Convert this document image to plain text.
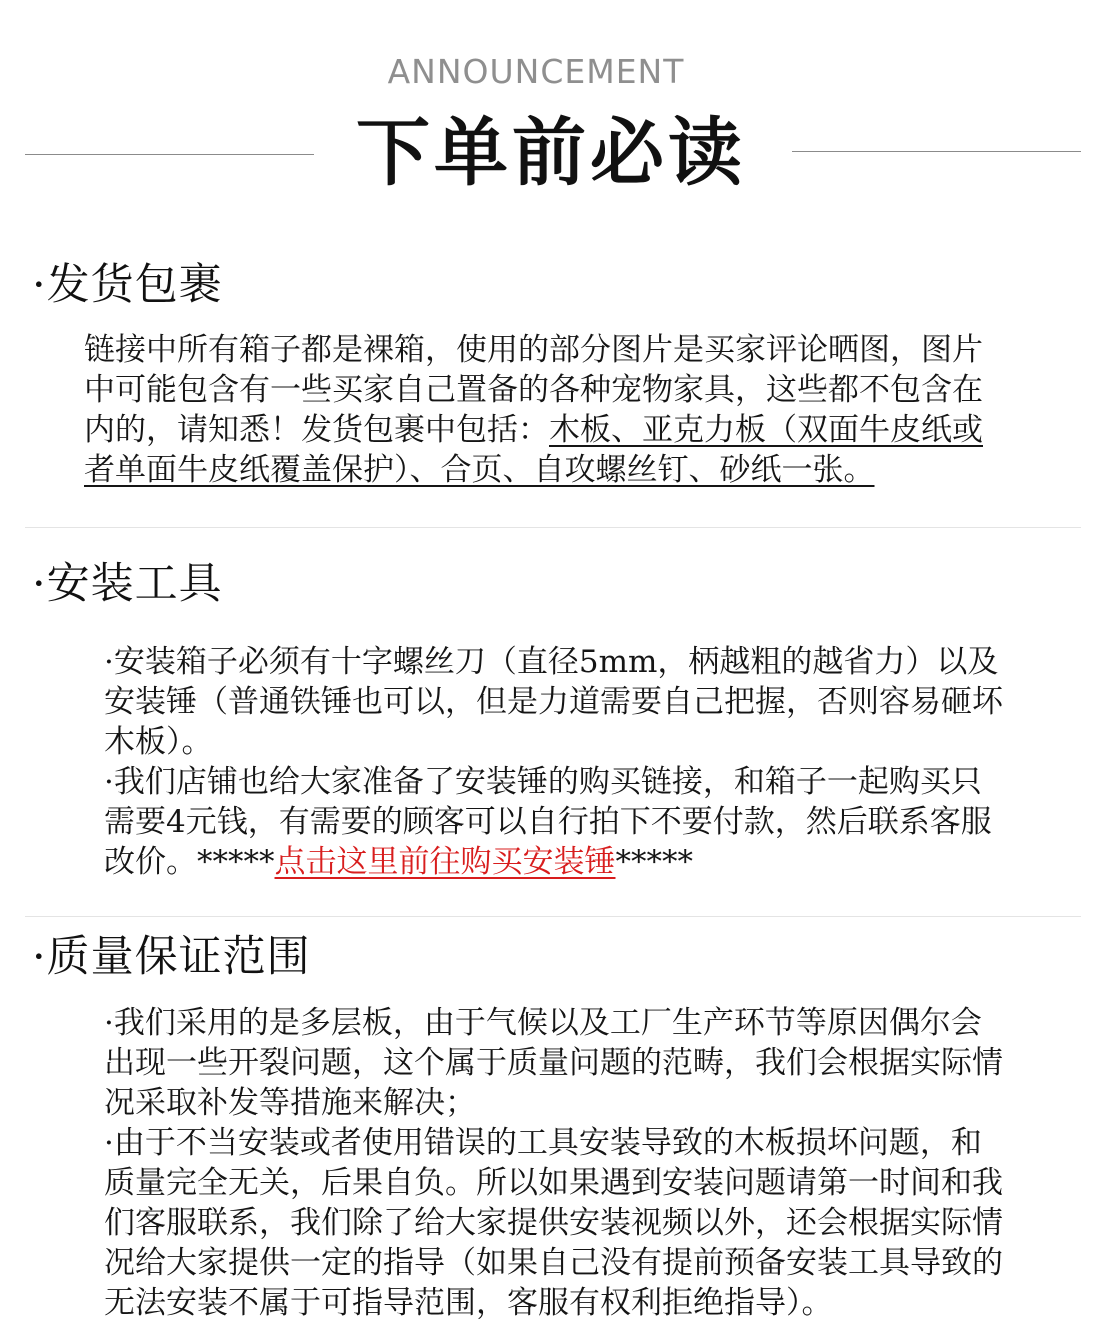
ANNOUNCEMENT
下单前必读
·发货包裹
链接中所有箱子都是裸箱，使用的部分图片是买家评论晒图，图片
中可能包含有一些买家自己置备的各种宠物家具，这些都不包含在
内的，请知悉！发货包裹中包括：木板、亚克力板（双面牛皮纸或
者单面牛皮纸覆盖保护）、合页、自攻螺丝钉、砂纸一张。
·安装工具
·安装箱子必须有十字螺丝刀（直径5mm，柄越粗的越省力）以及
安装锤（普通铁锤也可以，但是力道需要自己把握，否则容易砸坏
木板）。
·我们店铺也给大家准备了安装锤的购买链接，和箱子一起购买只
需要4元钱，有需要的顾客可以自行拍下不要付款，然后联系客服
改价。*****点击这里前往购买安装锤*****
·质量保证范围
·我们采用的是多层板，由于气候以及工厂生产环节等原因偶尔会
出现一些开裂问题，这个属于质量问题的范畴，我们会根据实际情
况采取补发等措施来解决；
·由于不当安装或者使用错误的工具安装导致的木板损坏问题，和
质量完全无关，后果自负。所以如果遇到安装问题请第一时间和我
们客服联系，我们除了给大家提供安装视频以外，还会根据实际情
况给大家提供一定的指导（如果自己没有提前预备安装工具导致的
无法安装不属于可指导范围，客服有权利拒绝指导）。
